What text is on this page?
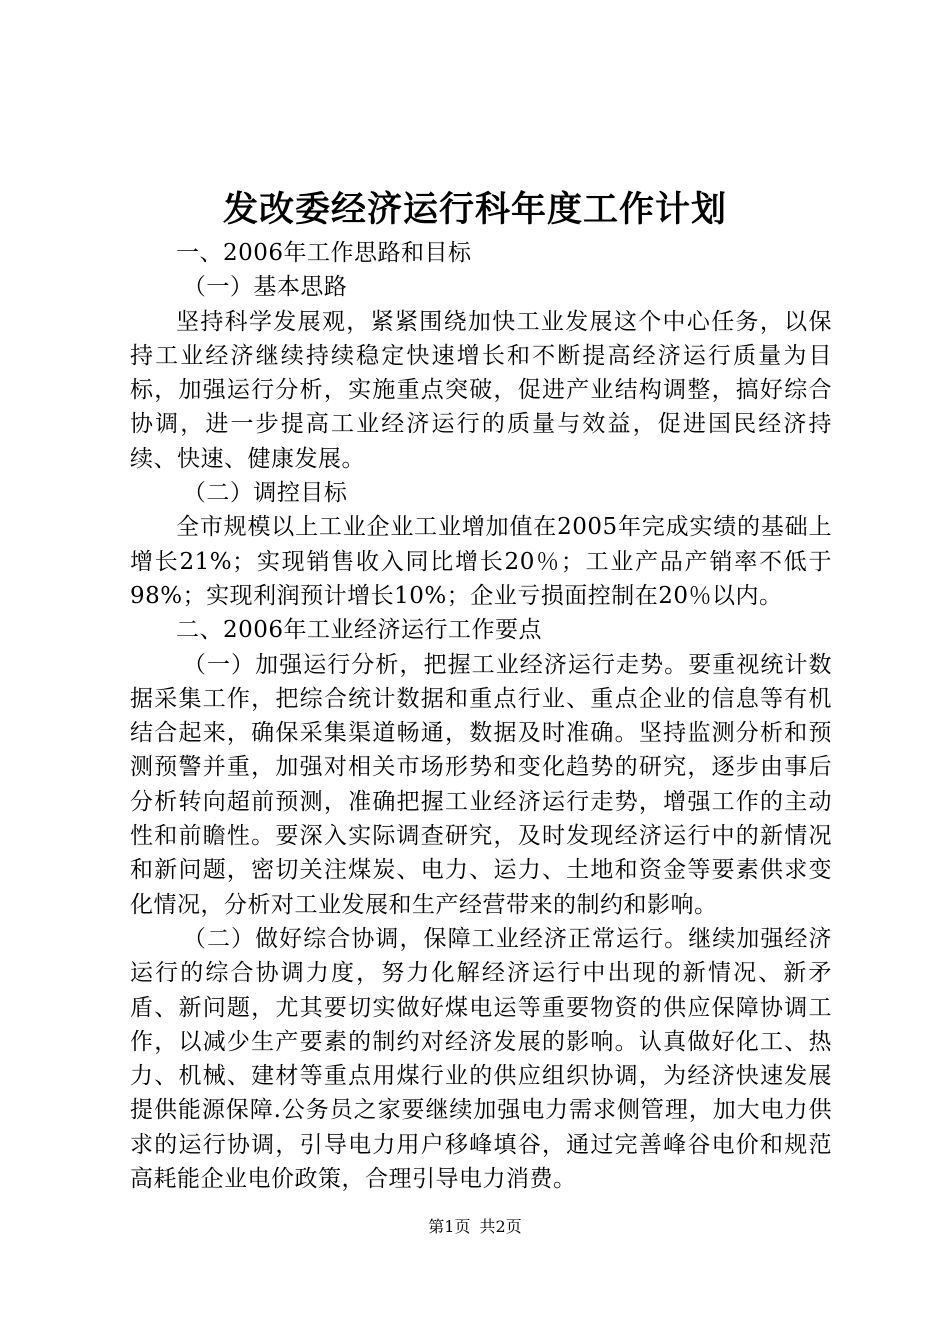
发改委经济运行科年度工作计划

一、2006年工作思路和目标

（一）基本思路

坚持科学发展观，紧紧围绕加快工业发展这个中心任务，以保持工业经济继续持续稳定快速增长和不断提高经济运行质量为目标，加强运行分析，实施重点突破，促进产业结构调整，搞好综合协调，进一步提高工业经济运行的质量与效益，促进国民经济持续、快速、健康发展。

（二）调控目标

全市规模以上工业企业工业增加值在2005年完成实绩的基础上增长21%；实现销售收入同比增长20％；工业产品产销率不低于98%；实现利润预计增长10%；企业亏损面控制在20％以内。

二、2006年工业经济运行工作要点

（一）加强运行分析，把握工业经济运行走势。要重视统计数据采集工作，把综合统计数据和重点行业、重点企业的信息等有机结合起来，确保采集渠道畅通，数据及时准确。坚持监测分析和预测预警并重，加强对相关市场形势和变化趋势的研究，逐步由事后分析转向超前预测，准确把握工业经济运行走势，增强工作的主动性和前瞻性。要深入实际调查研究，及时发现经济运行中的新情况和新问题，密切关注煤炭、电力、运力、土地和资金等要素供求变化情况，分析对工业发展和生产经营带来的制约和影响。

（二）做好综合协调，保障工业经济正常运行。继续加强经济运行的综合协调力度，努力化解经济运行中出现的新情况、新矛盾、新问题，尤其要切实做好煤电运等重要物资的供应保障协调工作，以减少生产要素的制约对经济发展的影响。认真做好化工、热力、机械、建材等重点用煤行业的供应组织协调，为经济快速发展提供能源保障.公务员之家要继续加强电力需求侧管理，加大电力供求的运行协调，引导电力用户移峰填谷，通过完善峰谷电价和规范高耗能企业电价政策，合理引导电力消费。

第1页 共2页
